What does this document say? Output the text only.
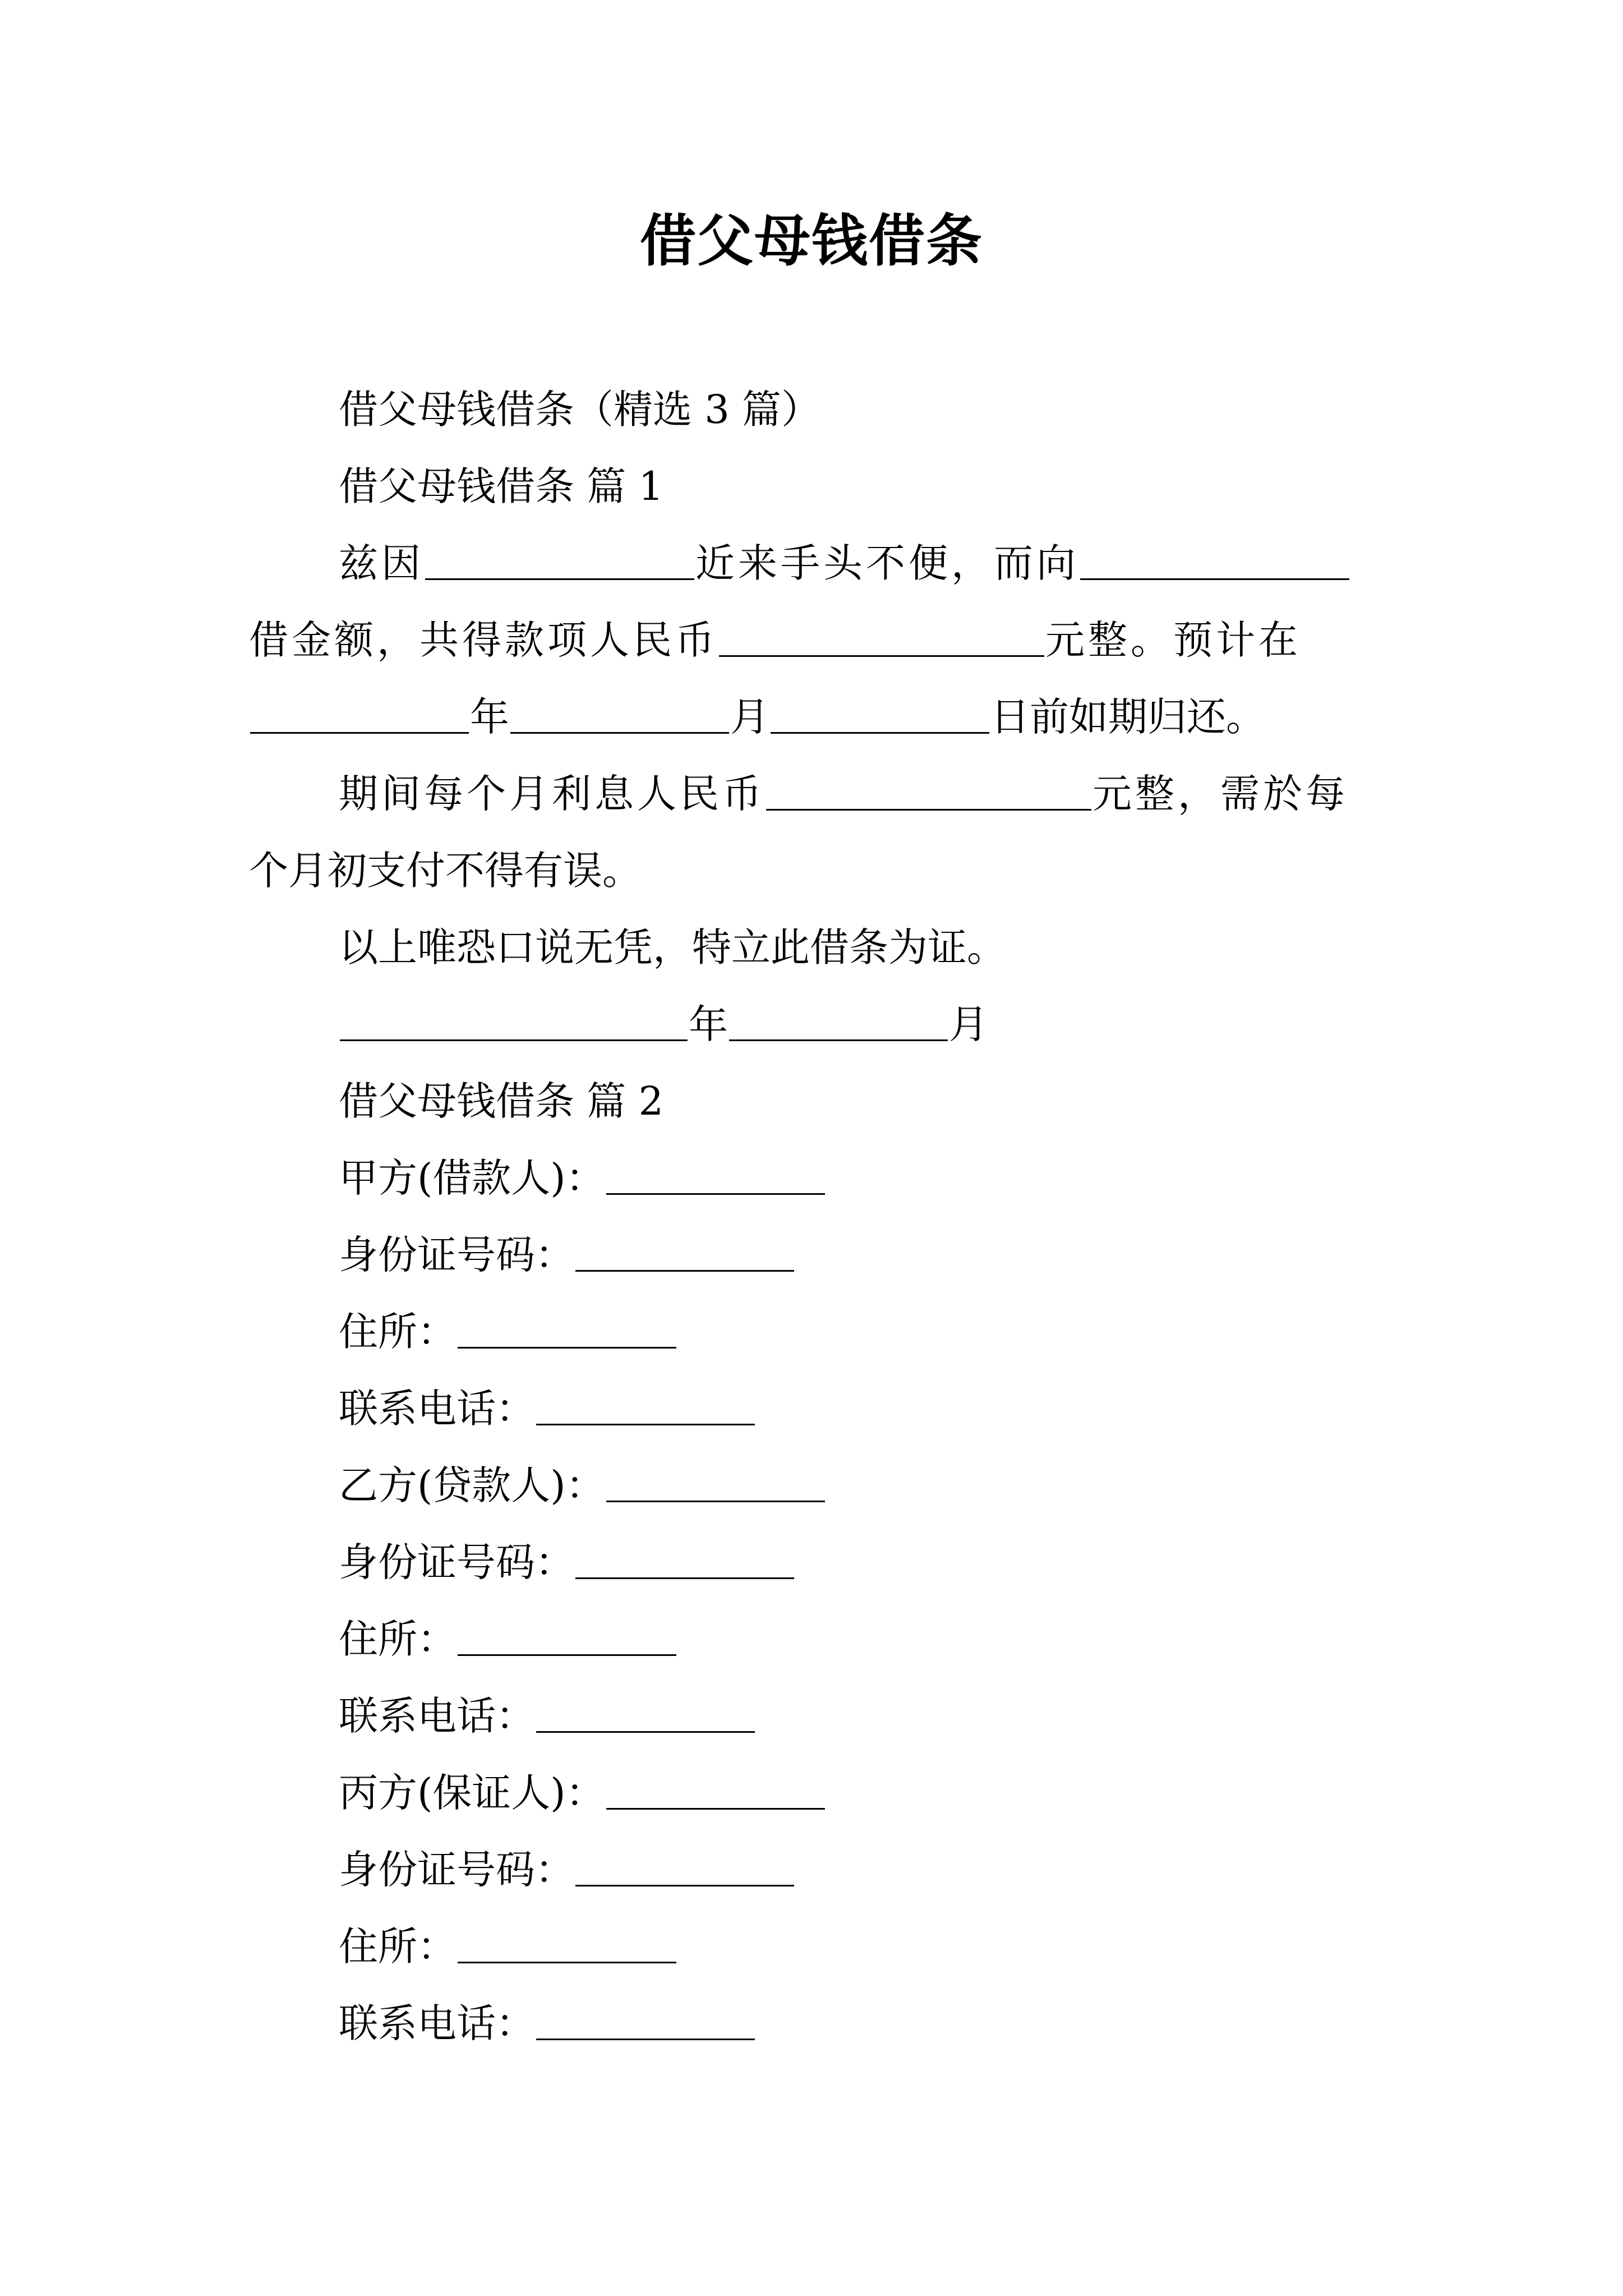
借父母钱借条
借父母钱借条（精选 3 篇）
借父母钱借条 篇 1
兹因	近来手头不便，而向
借金额，共得款项人民币	元整。预计在
年	月	日前如期归还。
期间每个月利息人民币	元整，需於每
个月初支付不得有误。
以上唯恐口说无凭，特立此借条为证。
年	月
借父母钱借条 篇 2
甲方(借款人)：
身份证号码：
住所：
联系电话：
乙方(贷款人)：
身份证号码：
住所：
联系电话：
丙方(保证人)：
身份证号码：
住所：
联系电话：
